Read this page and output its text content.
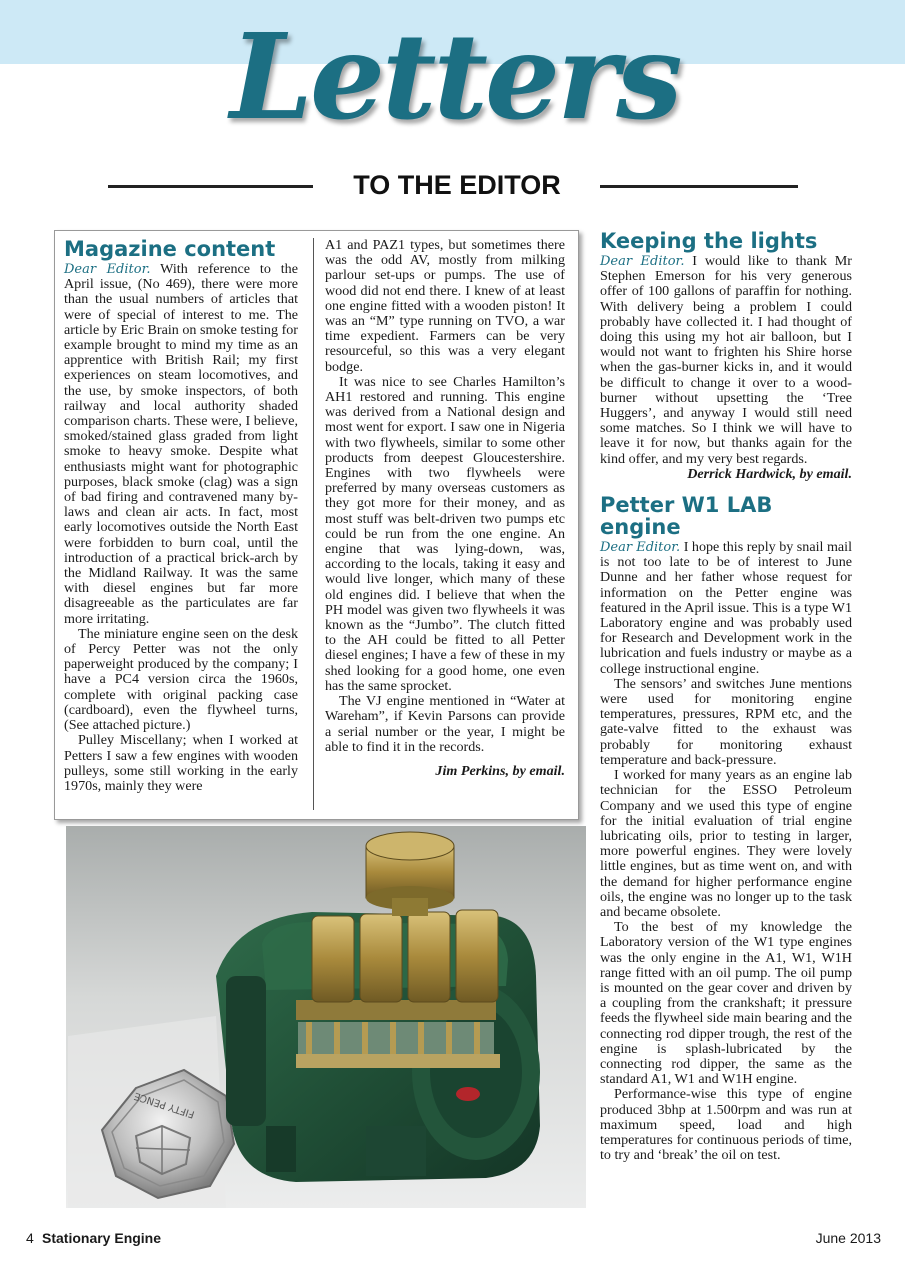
Letters
TO THE EDITOR
Magazine content

Dear Editor. With reference to the April issue, (No 469), there were more than the usual numbers of articles that were of special of interest to me. The article by Eric Brain on smoke testing for example brought to mind my time as an apprentice with British Rail; my first experiences on steam locomotives, and the use, by smoke inspectors, of both railway and local authority shaded comparison charts. These were, I believe, smoked/stained glass graded from light smoke to heavy smoke. Despite what enthusiasts might want for photographic purposes, black smoke (clag) was a sign of bad firing and contravened many by-laws and clean air acts. In fact, most early locomotives outside the North East were forbidden to burn coal, until the introduction of a practical brick-arch by the Midland Railway. It was the same with diesel engines but far more disagreeable as the particulates are far more irritating.

The miniature engine seen on the desk of Percy Petter was not the only paperweight produced by the company; I have a PC4 version circa the 1960s, complete with original packing case (cardboard), even the flywheel turns, (See attached picture.)

Pulley Miscellany; when I worked at Petters I saw a few engines with wooden pulleys, some still working in the early 1970s, mainly they were

A1 and PAZ1 types, but sometimes there was the odd AV, mostly from milking parlour set-ups or pumps. The use of wood did not end there. I knew of at least one engine fitted with a wooden piston! It was an “M” type running on TVO, a war time expedient. Farmers can be very resourceful, so this was a very elegant bodge.

It was nice to see Charles Hamilton’s AH1 restored and running. This engine was derived from a National design and most went for export. I saw one in Nigeria with two flywheels, similar to some other products from deepest Gloucestershire. Engines with two flywheels were preferred by many overseas customers as they got more for their money, and as most stuff was belt-driven two pumps etc could be run from the one engine. An engine that was lying-down, was, according to the locals, taking it easy and would live longer, which many of these old engines did. I believe that when the PH model was given two flywheels it was known as the “Jumbo”. The clutch fitted to the AH could be fitted to all Petter diesel engines; I have a few of these in my shed looking for a good home, one even has the same sprocket.

The VJ engine mentioned in “Water at Wareham”, if Kevin Parsons can provide a serial number or the year, I might be able to find it in the records.

Jim Perkins, by email.

Keeping the lights

Dear Editor. I would like to thank Mr Stephen Emerson for his very generous offer of 100 gallons of paraffin for nothing. With delivery being a problem I could probably have collected it. I had thought of doing this using my hot air balloon, but I would not want to frighten his Shire horse when the gas-burner kicks in, and it would be difficult to change it over to a wood-burner without upsetting the ‘Tree Huggers’, and anyway I would still need some matches. So I think we will have to leave it for now, but thanks again for the kind offer, and my very best regards.

Derrick Hardwick, by email.

Petter W1 LAB engine

Dear Editor. I hope this reply by snail mail is not too late to be of interest to June Dunne and her father whose request for information on the Petter engine was featured in the April issue. This is a type W1 Laboratory engine and was probably used for Research and Development work in the lubrication and fuels industry or maybe as a college instructional engine.

The sensors’ and switches June mentions were used for monitoring engine temperatures, pressures, RPM etc, and the gate-valve fitted to the exhaust was probably for monitoring exhaust temperature and back-pressure.

I worked for many years as an engine lab technician for the ESSO Petroleum Company and we used this type of engine for the initial evaluation of trial engine lubricating oils, prior to testing in larger, more powerful engines. They were lovely little engines, but as time went on, and with the demand for higher performance engine oils, the engine was no longer up to the task and became obsolete.

To the best of my knowledge the Laboratory version of the W1 type engines was the only engine in the A1, W1, W1H range fitted with an oil pump. The oil pump is mounted on the gear cover and driven by a coupling from the crankshaft; it pressure feeds the flywheel side main bearing and the connecting rod dipper trough, the rest of the engine is splash-lubricated by the connecting rod dipper, the same as the standard A1, W1 and W1H engine.

Performance-wise this type of engine produced 3bhp at 1.500rpm and was run at maximum speed, load and high temperatures for continuous periods of time, to try and ‘break’ the oil on test.

FIFTY PENCE
4 Stationary Engine	June 2013
